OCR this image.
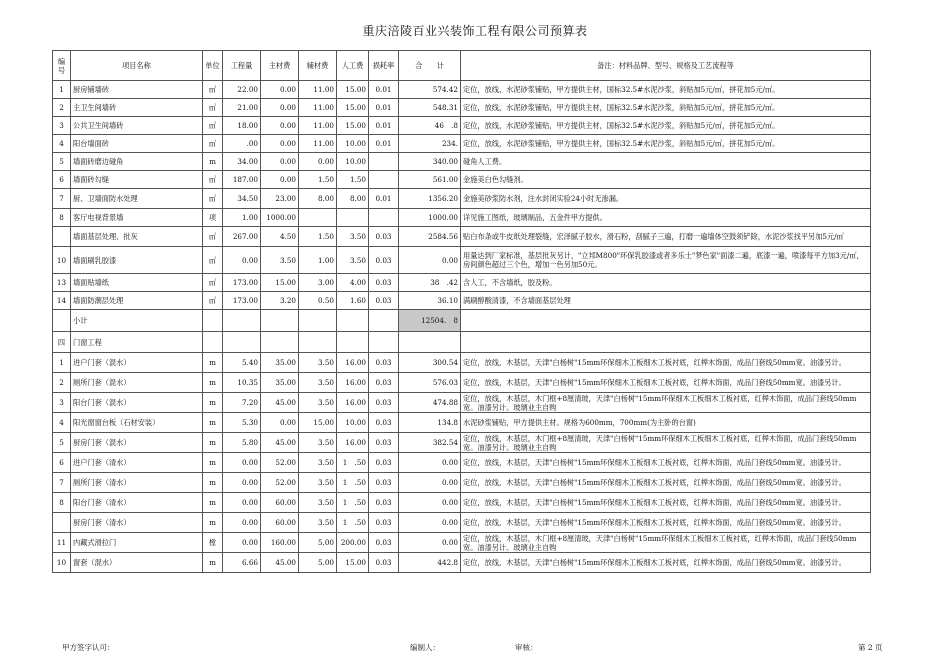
重庆涪陵百业兴装饰工程有限公司预算表
编号	项目名称	单位	工程量	主材费	辅材费	人工费	损耗率	合　　计	备注：材料品牌、型号、规格及工艺流程等
1	厨房铺墙砖	㎡	22.00	0.00	11.00	15.00	0.01	574.42	定位，放线，水泥砂浆铺贴，甲方提供主材，国标32.5#水泥沙浆，斜贴加5元/㎡，拼花加5元/㎡。
2	主卫生间墙砖	㎡	21.00	0.00	11.00	15.00	0.01	548.31	定位，放线，水泥砂浆铺贴，甲方提供主材，国标32.5#水泥沙浆，斜贴加5元/㎡，拼花加5元/㎡。
3	公共卫生间墙砖	㎡	18.00	0.00	11.00	15.00	0.01	46　.8	定位，放线，水泥砂浆铺贴，甲方提供主材，国标32.5#水泥沙浆，斜贴加5元/㎡，拼花加5元/㎡。
4	阳台墙面砖	㎡	.00	0.00	11.00	10.00	0.01	234.	定位，放线，水泥砂浆铺贴，甲方提供主材，国标32.5#水泥沙浆，斜贴加5元/㎡，拼花加5元/㎡。
5	墙面砖磨边碰角	m	34.00	0.00	0.00	10.00		340.00	碰角人工费。
6	墙面砖勾缝	㎡	187.00	0.00	1.50	1.50		561.00	金施美白色勾缝剂。
7	厨、卫墙面防水处理	㎡	34.50	23.00	8.00	8.00	0.01	1356.20	金施美砂浆防水剂，注水封闭实验24小时无渗漏。
8	客厅电视背景墙	项	1.00	1000.00				1000.00	详见施工图纸，玻璃制品，五金件甲方提供。
	墙面基层处理、批灰	㎡	267.00	4.50	1.50	3.50	0.03	2584.56	贴白布条或牛皮纸处理裂缝，宏泽腻子胶水，滑石粉，刮腻子三遍，打磨一遍墙体空鼓须铲除，水泥沙浆找平另加5元/㎡
10	墙面刷乳胶漆	㎡	0.00	3.50	1.00	3.50	0.03	0.00	用量达到厂家标准，基层批灰另计，"立邦M800"环保乳胶漆或者多乐士"梦色家"面漆二遍，底漆一遍，喷漆每平方加3元/㎡，房间颜色超过三个色，增加一色另加50元。
13	墙面贴墙纸	㎡	173.00	15.00	3.00	4.00	0.03	38　.42	含人工，不含墙纸，胶及粉。
14	墙面防潮层处理	㎡	173.00	3.20	0.50	1.60	0.03	36.10	满刷醇酸清漆，不含墙面基层处理
	小计							12504.　8	
四	门窗工程								
1	进户门套（混水）	m	5.40	35.00	3.50	16.00	0.03	300.54	定位，放线，木基层，天津"白杨树"15mm环保细木工板细木工板衬底，红榉木饰面，成品门套线50mm宽。油漆另计。
2	厕所门套（混水）	m	10.35	35.00	3.50	16.00	0.03	576.03	定位，放线，木基层，天津"白杨树"15mm环保细木工板细木工板衬底，红榉木饰面，成品门套线50mm宽。油漆另计。
3	阳台门套（混水）	m	7.20	45.00	3.50	16.00	0.03	474.88	定位，放线，木基层，木门框+8厘清玻，天津"白杨树"15mm环保细木工板细木工板衬底，红榉木饰面，成品门套线50mm宽。油漆另计。玻璃业主自购
4	阳光窗窗台板（石材安装）	m	5.30	0.00	15.00	10.00	0.03	134.8	水泥砂浆铺贴，甲方提供主材。规格为600mm，700mm(为主卧的台窗)
5	厨房门套（混水）	m	5.80	45.00	3.50	16.00	0.03	382.54	定位，放线，木基层，木门框+8厘清玻，天津"白杨树"15mm环保细木工板细木工板衬底，红榉木饰面，成品门套线50mm宽。油漆另计。玻璃业主自购
6	进户门套（清水）	m	0.00	52.00	3.50	1　.50	0.03	0.00	定位，放线，木基层，天津"白杨树"15mm环保细木工板细木工板衬底，红榉木饰面，成品门套线50mm宽。油漆另计。
7	厕所门套（清水）	m	0.00	52.00	3.50	1　.50	0.03	0.00	定位，放线，木基层，天津"白杨树"15mm环保细木工板细木工板衬底，红榉木饰面，成品门套线50mm宽。油漆另计。
8	阳台门套（清水）	m	0.00	60.00	3.50	1　.50	0.03	0.00	定位，放线，木基层，天津"白杨树"15mm环保细木工板细木工板衬底，红榉木饰面，成品门套线50mm宽。油漆另计。
	厨房门套（清水）	m	0.00	60.00	3.50	1　.50	0.03	0.00	定位，放线，木基层，天津"白杨树"15mm环保细木工板细木工板衬底，红榉木饰面，成品门套线50mm宽。油漆另计。
11	内藏式滑拉门	樘	0.00	160.00	5.00	200.00	0.03	0.00	定位，放线，木基层，木门框+8厘清玻，天津"白杨树"15mm环保细木工板细木工板衬底，红榉木饰面，成品门套线50mm宽。油漆另计。玻璃业主自购
10	窗套（混水）	m	6.66	45.00	5.00	15.00	0.03	442.8	定位，放线，木基层，天津"白杨树"15mm环保细木工板细木工板衬底，红榉木饰面，成品门套线50mm宽。油漆另计。
甲方签字认可：	编制人：	审核：	第 2 页
